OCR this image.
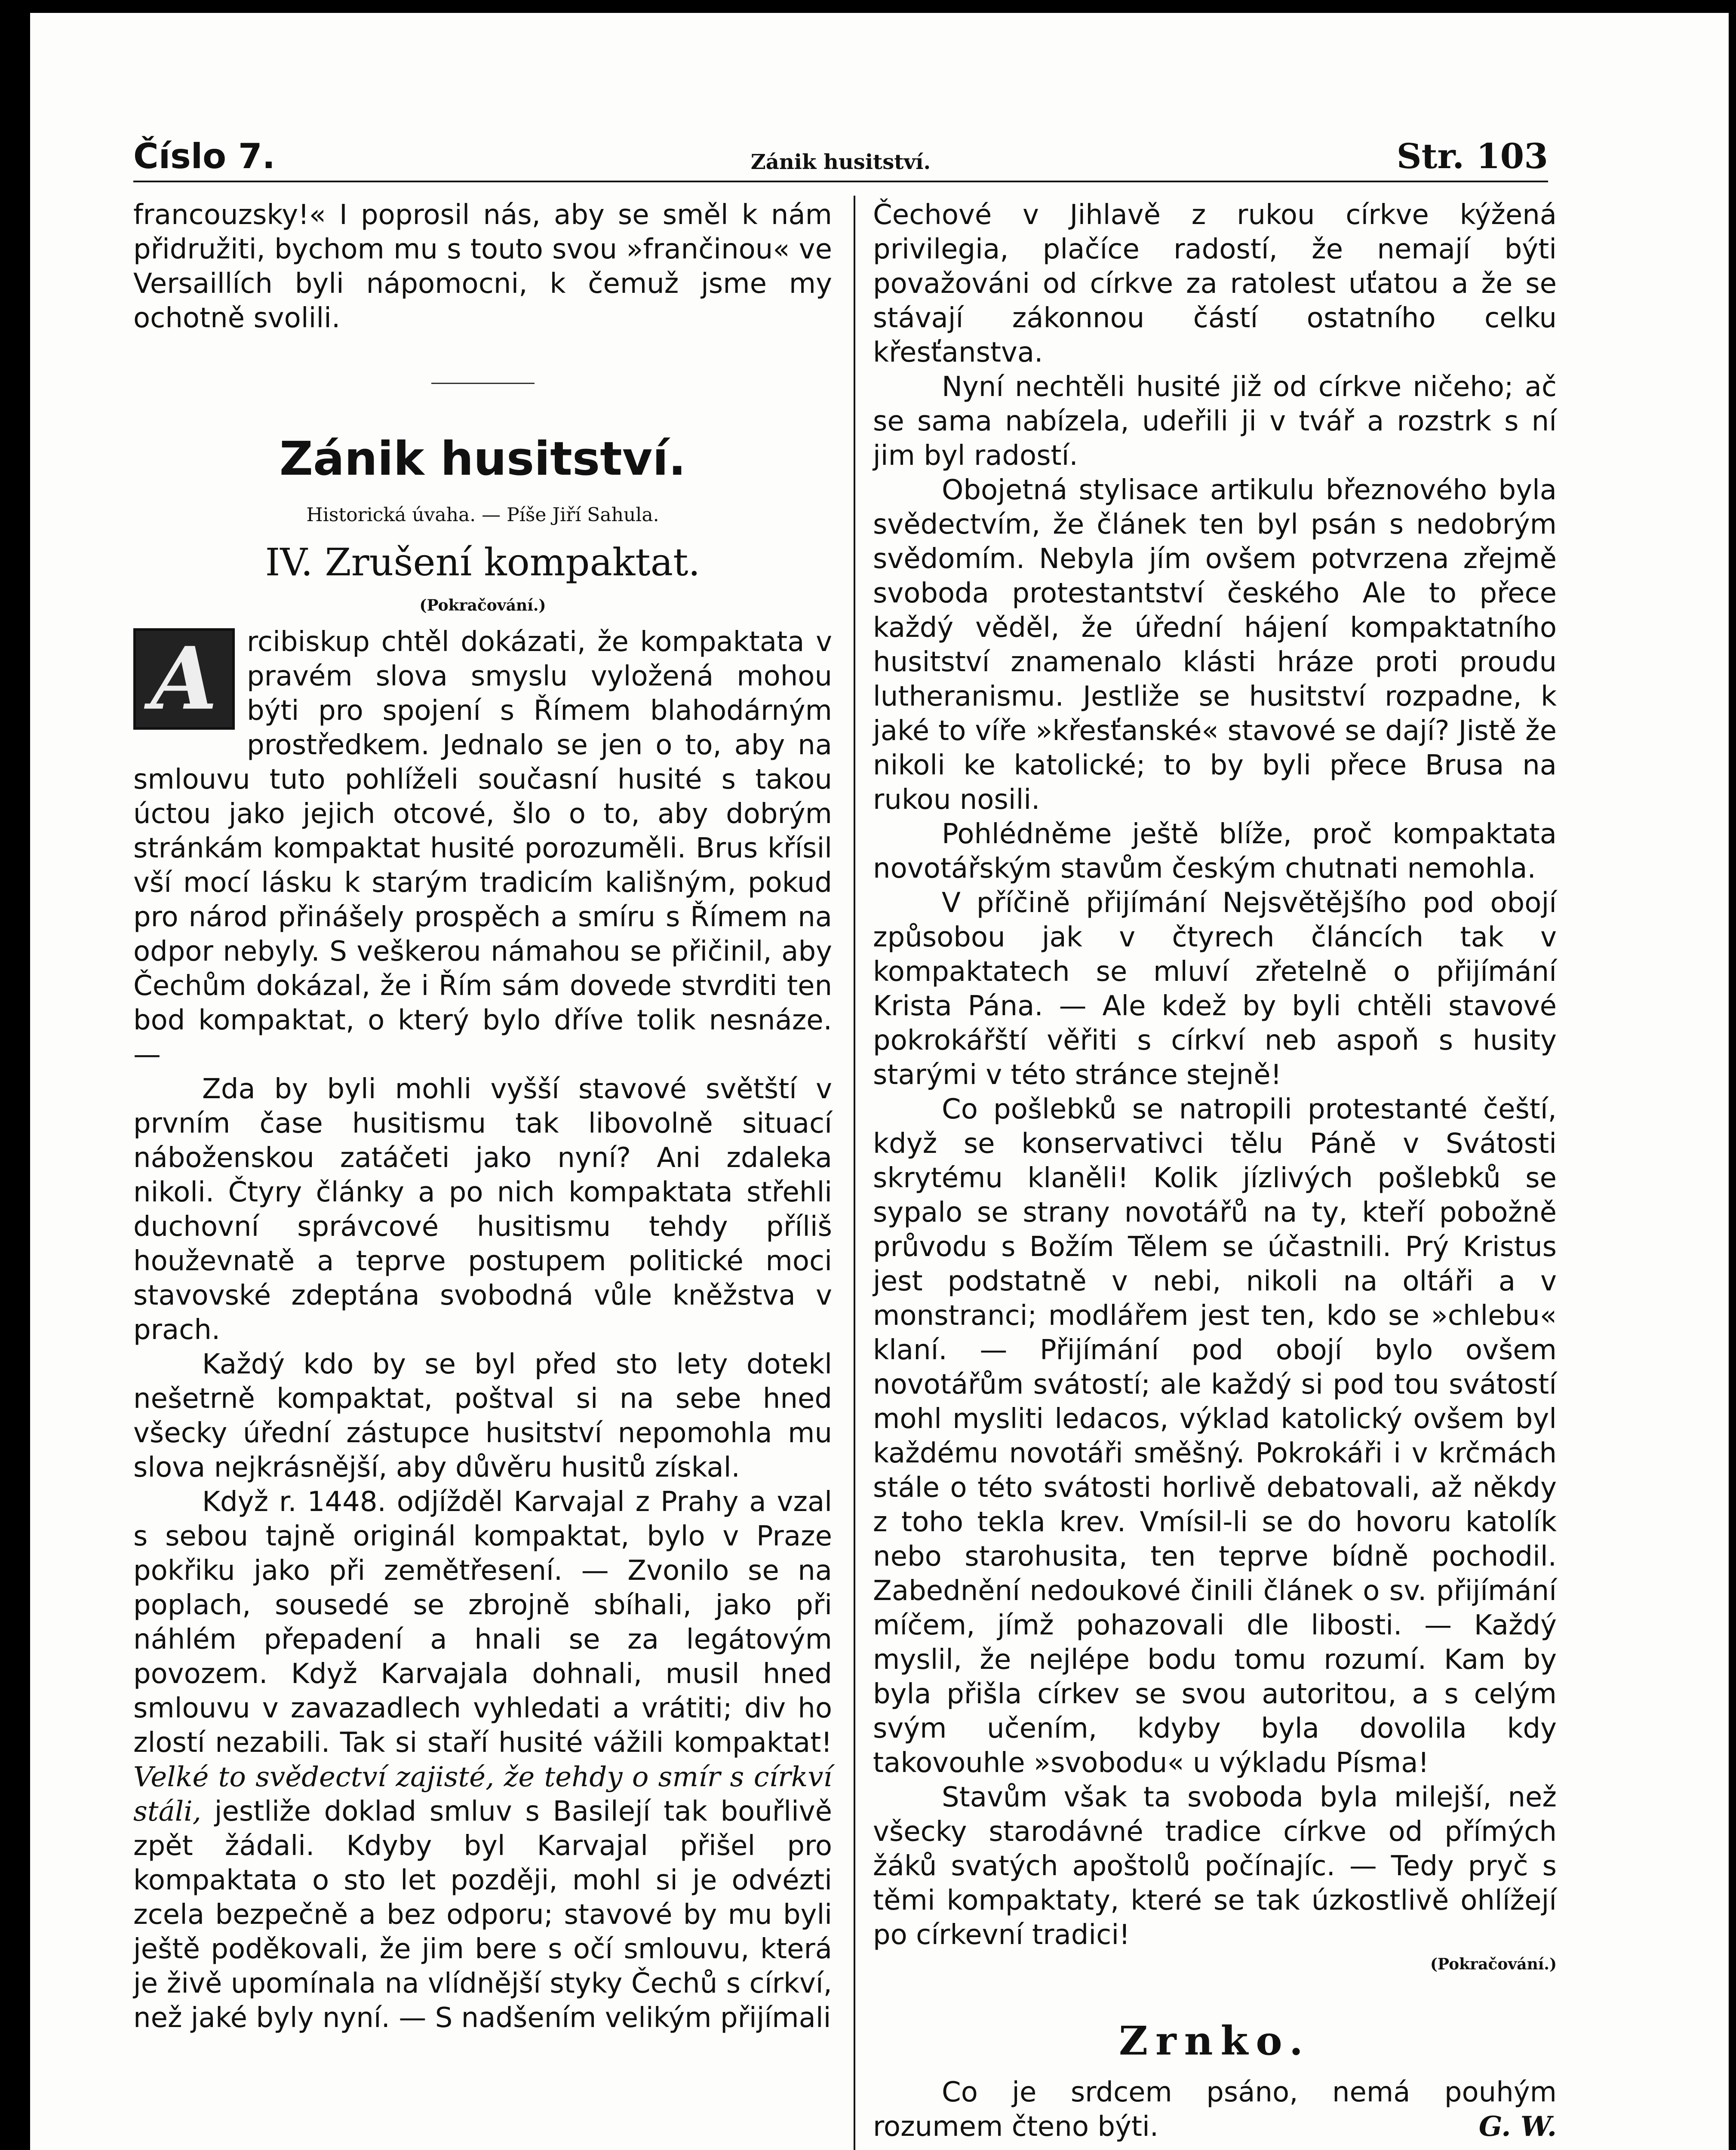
Číslo 7.	Zánik husitství.	Str. 103

francouzsky!« I poprosil nás, aby se směl k nám přidružiti, bychom mu s touto svou »frančinou« ve Versaillích byli nápomocni, k čemuž jsme my ochotně svolili.

Zánik husitství.
Historická úvaha. — Píše Jiří Sahula.
IV. Zrušení kompaktat.
(Pokračování.)

A rcibiskup chtěl dokázati, že kompaktata v pravém slova smyslu vyložená mohou býti pro spojení s Římem blahodárným prostředkem. Jednalo se jen o to, aby na smlouvu tuto pohlíželi současní husité s takou úctou jako jejich otcové, šlo o to, aby dobrým stránkám kompaktat husité porozuměli. Brus křísil vší mocí lásku k starým tradicím kališným, pokud pro národ přinášely prospěch a smíru s Římem na odpor nebyly. S veškerou námahou se přičinil, aby Čechům dokázal, že i Řím sám dovede stvrditi ten bod kompaktat, o který bylo dříve tolik nesnáze. —

Zda by byli mohli vyšší stavové světští v prvním čase husitismu tak libovolně situací náboženskou zatáčeti jako nyní? Ani zdaleka nikoli. Čtyry články a po nich kompaktata střehli duchovní správcové husitismu tehdy příliš houževnatě a teprve postupem politické moci stavovské zdeptána svobodná vůle kněžstva v prach.

Každý kdo by se byl před sto lety dotekl nešetrně kompaktat, poštval si na sebe hned všecky úřední zástupce husitství nepomohla mu slova nejkrásnější, aby důvěru husitů získal.

Když r. 1448. odjížděl Karvajal z Prahy a vzal s sebou tajně originál kompaktat, bylo v Praze pokřiku jako při zemětřesení. — Zvonilo se na poplach, sousedé se zbrojně sbíhali, jako při náhlém přepadení a hnali se za legátovým povozem. Když Karvajala dohnali, musil hned smlouvu v zavazadlech vyhledati a vrátiti; div ho zlostí nezabili. Tak si staří husité vážili kompaktat! Velké to svědectví zajisté, že tehdy o smír s církví stáli, jestliže doklad smluv s Basilejí tak bouřlivě zpět žádali. Kdyby byl Karvajal přišel pro kompaktata o sto let později, mohl si je odvézti zcela bezpečně a bez odporu; stavové by mu byli ještě poděkovali, že jim bere s očí smlouvu, která je živě upomínala na vlídnější styky Čechů s církví, než jaké byly nyní. — S nadšením velikým přijímali

Čechové v Jihlavě z rukou církve kýžená privilegia, plačíce radostí, že nemají býti považováni od církve za ratolest uťatou a že se stávají zákonnou částí ostatního celku křesťanstva.

Nyní nechtěli husité již od církve ničeho; ač se sama nabízela, udeřili ji v tvář a rozstrk s ní jim byl radostí.

Obojetná stylisace artikulu březnového byla svědectvím, že článek ten byl psán s nedobrým svědomím. Nebyla jím ovšem potvrzena zřejmě svoboda protestantství českého Ale to přece každý věděl, že úřední hájení kompaktatního husitství znamenalo klásti hráze proti proudu lutheranismu. Jestliže se husitství rozpadne, k jaké to víře »křesťanské« stavové se dají? Jistě že nikoli ke katolické; to by byli přece Brusa na rukou nosili.

Pohlédněme ještě blíže, proč kompaktata novotářským stavům českým chutnati nemohla.

V příčině přijímání Nejsvětějšího pod obojí způsobou jak v čtyrech článcích tak v kompaktatech se mluví zřetelně o přijímání Krista Pána. — Ale kdež by byli chtěli stavové pokrokářští věřiti s církví neb aspoň s husity starými v této stránce stejně!

Co pošlebků se natropili protestanté čeští, když se konservativci tělu Páně v Svátosti skrytému klaněli! Kolik jízlivých pošlebků se sypalo se strany novotářů na ty, kteří pobožně průvodu s Božím Tělem se účastnili. Prý Kristus jest podstatně v nebi, nikoli na oltáři a v monstranci; modlářem jest ten, kdo se »chlebu« klaní. — Přijímání pod obojí bylo ovšem novotářům svátostí; ale každý si pod tou svátostí mohl mysliti ledacos, výklad katolický ovšem byl každému novotáři směšný. Pokrokáři i v krčmách stále o této svátosti horlivě debatovali, až někdy z toho tekla krev. Vmísil-li se do hovoru katolík nebo starohusita, ten teprve bídně pochodil. Zabednění nedoukové činili článek o sv. přijímání míčem, jímž pohazovali dle libosti. — Každý myslil, že nejlépe bodu tomu rozumí. Kam by byla přišla církev se svou autoritou, a s celým svým učením, kdyby byla dovolila kdy takovouhle »svobodu« u výkladu Písma!

Stavům však ta svoboda byla milejší, než všecky starodávné tradice církve od přímých žáků svatých apoštolů počínajíc. — Tedy pryč s těmi kompaktaty, které se tak úzkostlivě ohlížejí po církevní tradici!

(Pokračování.)
Zrnko.

Co je srdcem psáno, nemá pouhým rozumem čteno býti.	G. W.
